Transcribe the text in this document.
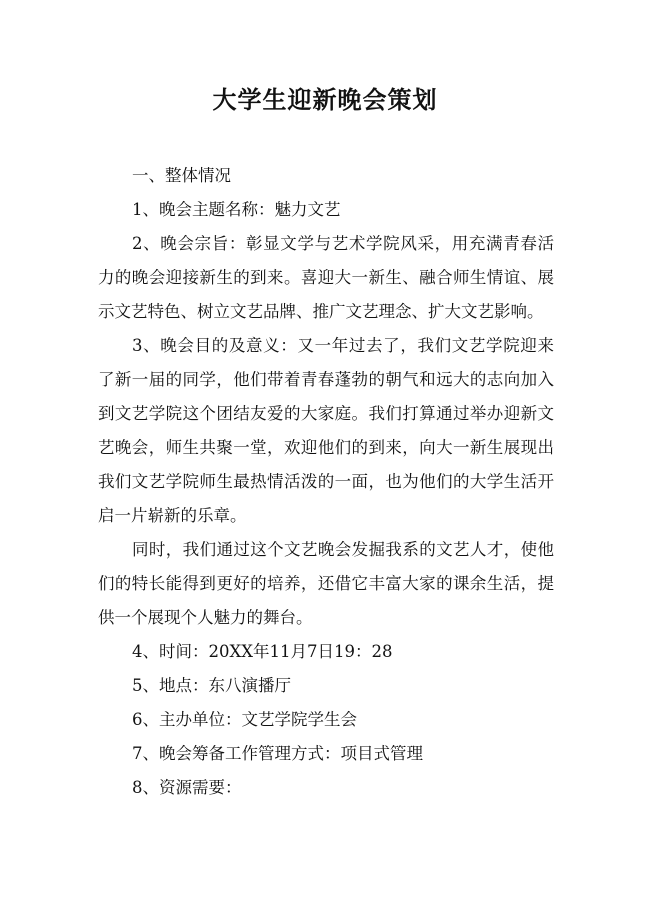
大学生迎新晚会策划

一、整体情况

1、晚会主题名称：魅力文艺

2、晚会宗旨：彰显文学与艺术学院风采，用充满青春活力的晚会迎接新生的到来。喜迎大一新生、融合师生情谊、展示文艺特色、树立文艺品牌、推广文艺理念、扩大文艺影响。

3、晚会目的及意义：又一年过去了，我们文艺学院迎来了新一届的同学，他们带着青春蓬勃的朝气和远大的志向加入到文艺学院这个团结友爱的大家庭。我们打算通过举办迎新文艺晚会，师生共聚一堂，欢迎他们的到来，向大一新生展现出我们文艺学院师生最热情活泼的一面，也为他们的大学生活开启一片崭新的乐章。

同时，我们通过这个文艺晚会发掘我系的文艺人才，使他们的特长能得到更好的培养，还借它丰富大家的课余生活，提供一个展现个人魅力的舞台。

4、时间：20XX年11月7日19：28

5、地点：东八演播厅

6、主办单位：文艺学院学生会

7、晚会筹备工作管理方式：项目式管理

8、资源需要：
